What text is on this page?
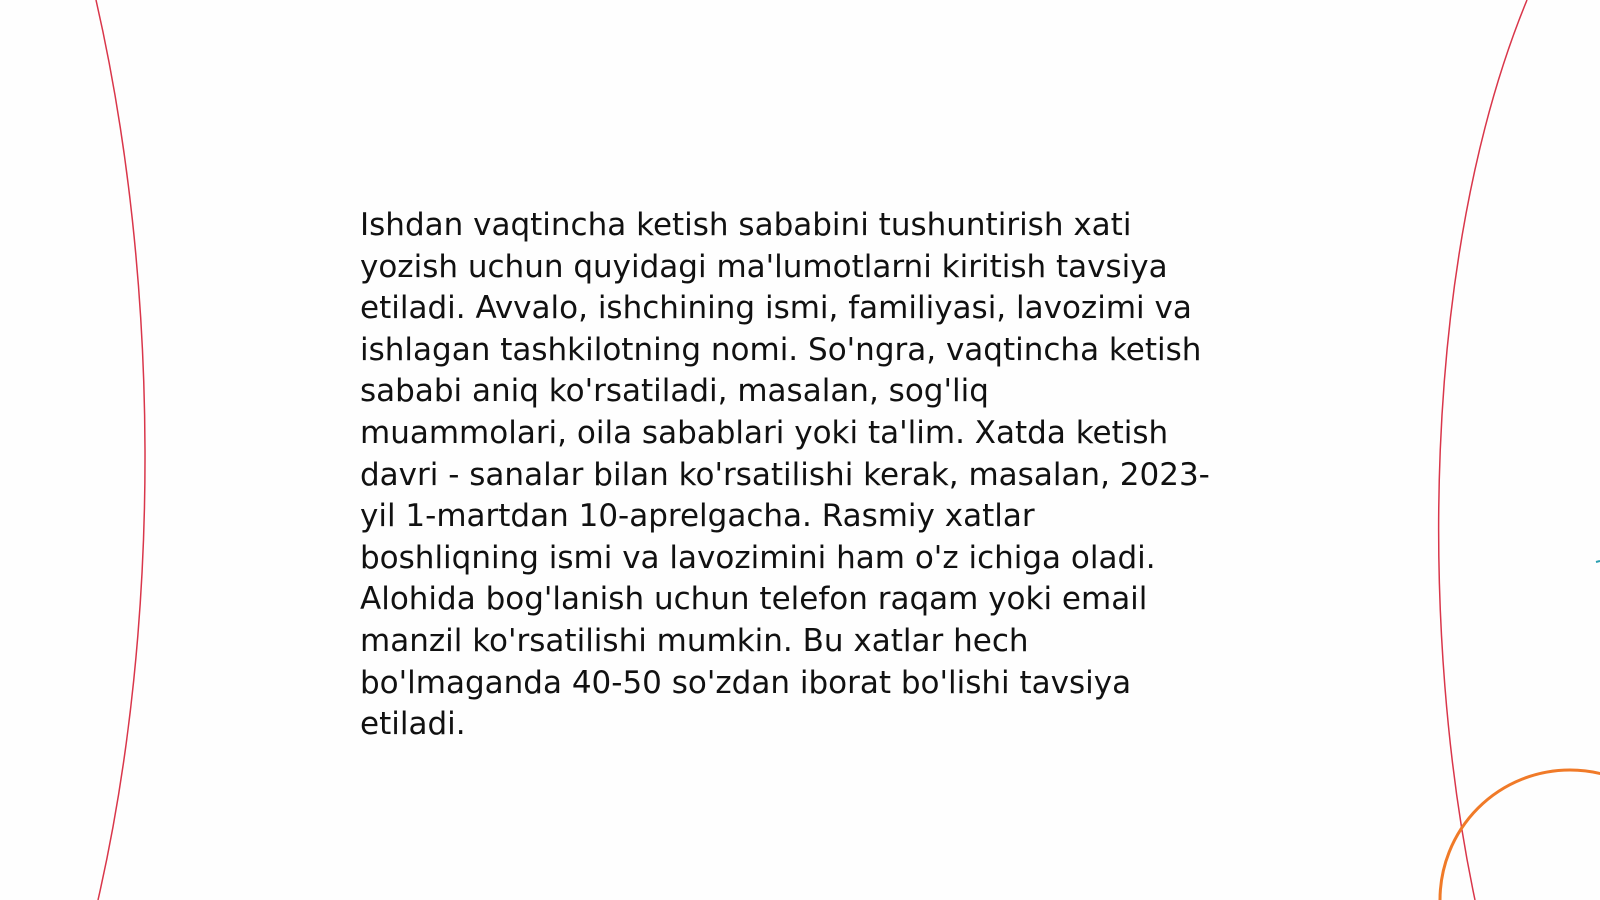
Ishdan vaqtincha ketish sababini tushuntirish xati
yozish uchun quyidagi ma'lumotlarni kiritish tavsiya
etiladi. Avvalo, ishchining ismi, familiyasi, lavozimi va
ishlagan tashkilotning nomi. So'ngra, vaqtincha ketish
sababi aniq ko'rsatiladi, masalan, sog'liq
muammolari, oila sabablari yoki ta'lim. Xatda ketish
davri - sanalar bilan ko'rsatilishi kerak, masalan, 2023-
yil 1-martdan 10-aprelgacha. Rasmiy xatlar
boshliqning ismi va lavozimini ham o'z ichiga oladi.
Alohida bog'lanish uchun telefon raqam yoki email
manzil ko'rsatilishi mumkin. Bu xatlar hech
bo'lmaganda 40-50 so'zdan iborat bo'lishi tavsiya
etiladi.
